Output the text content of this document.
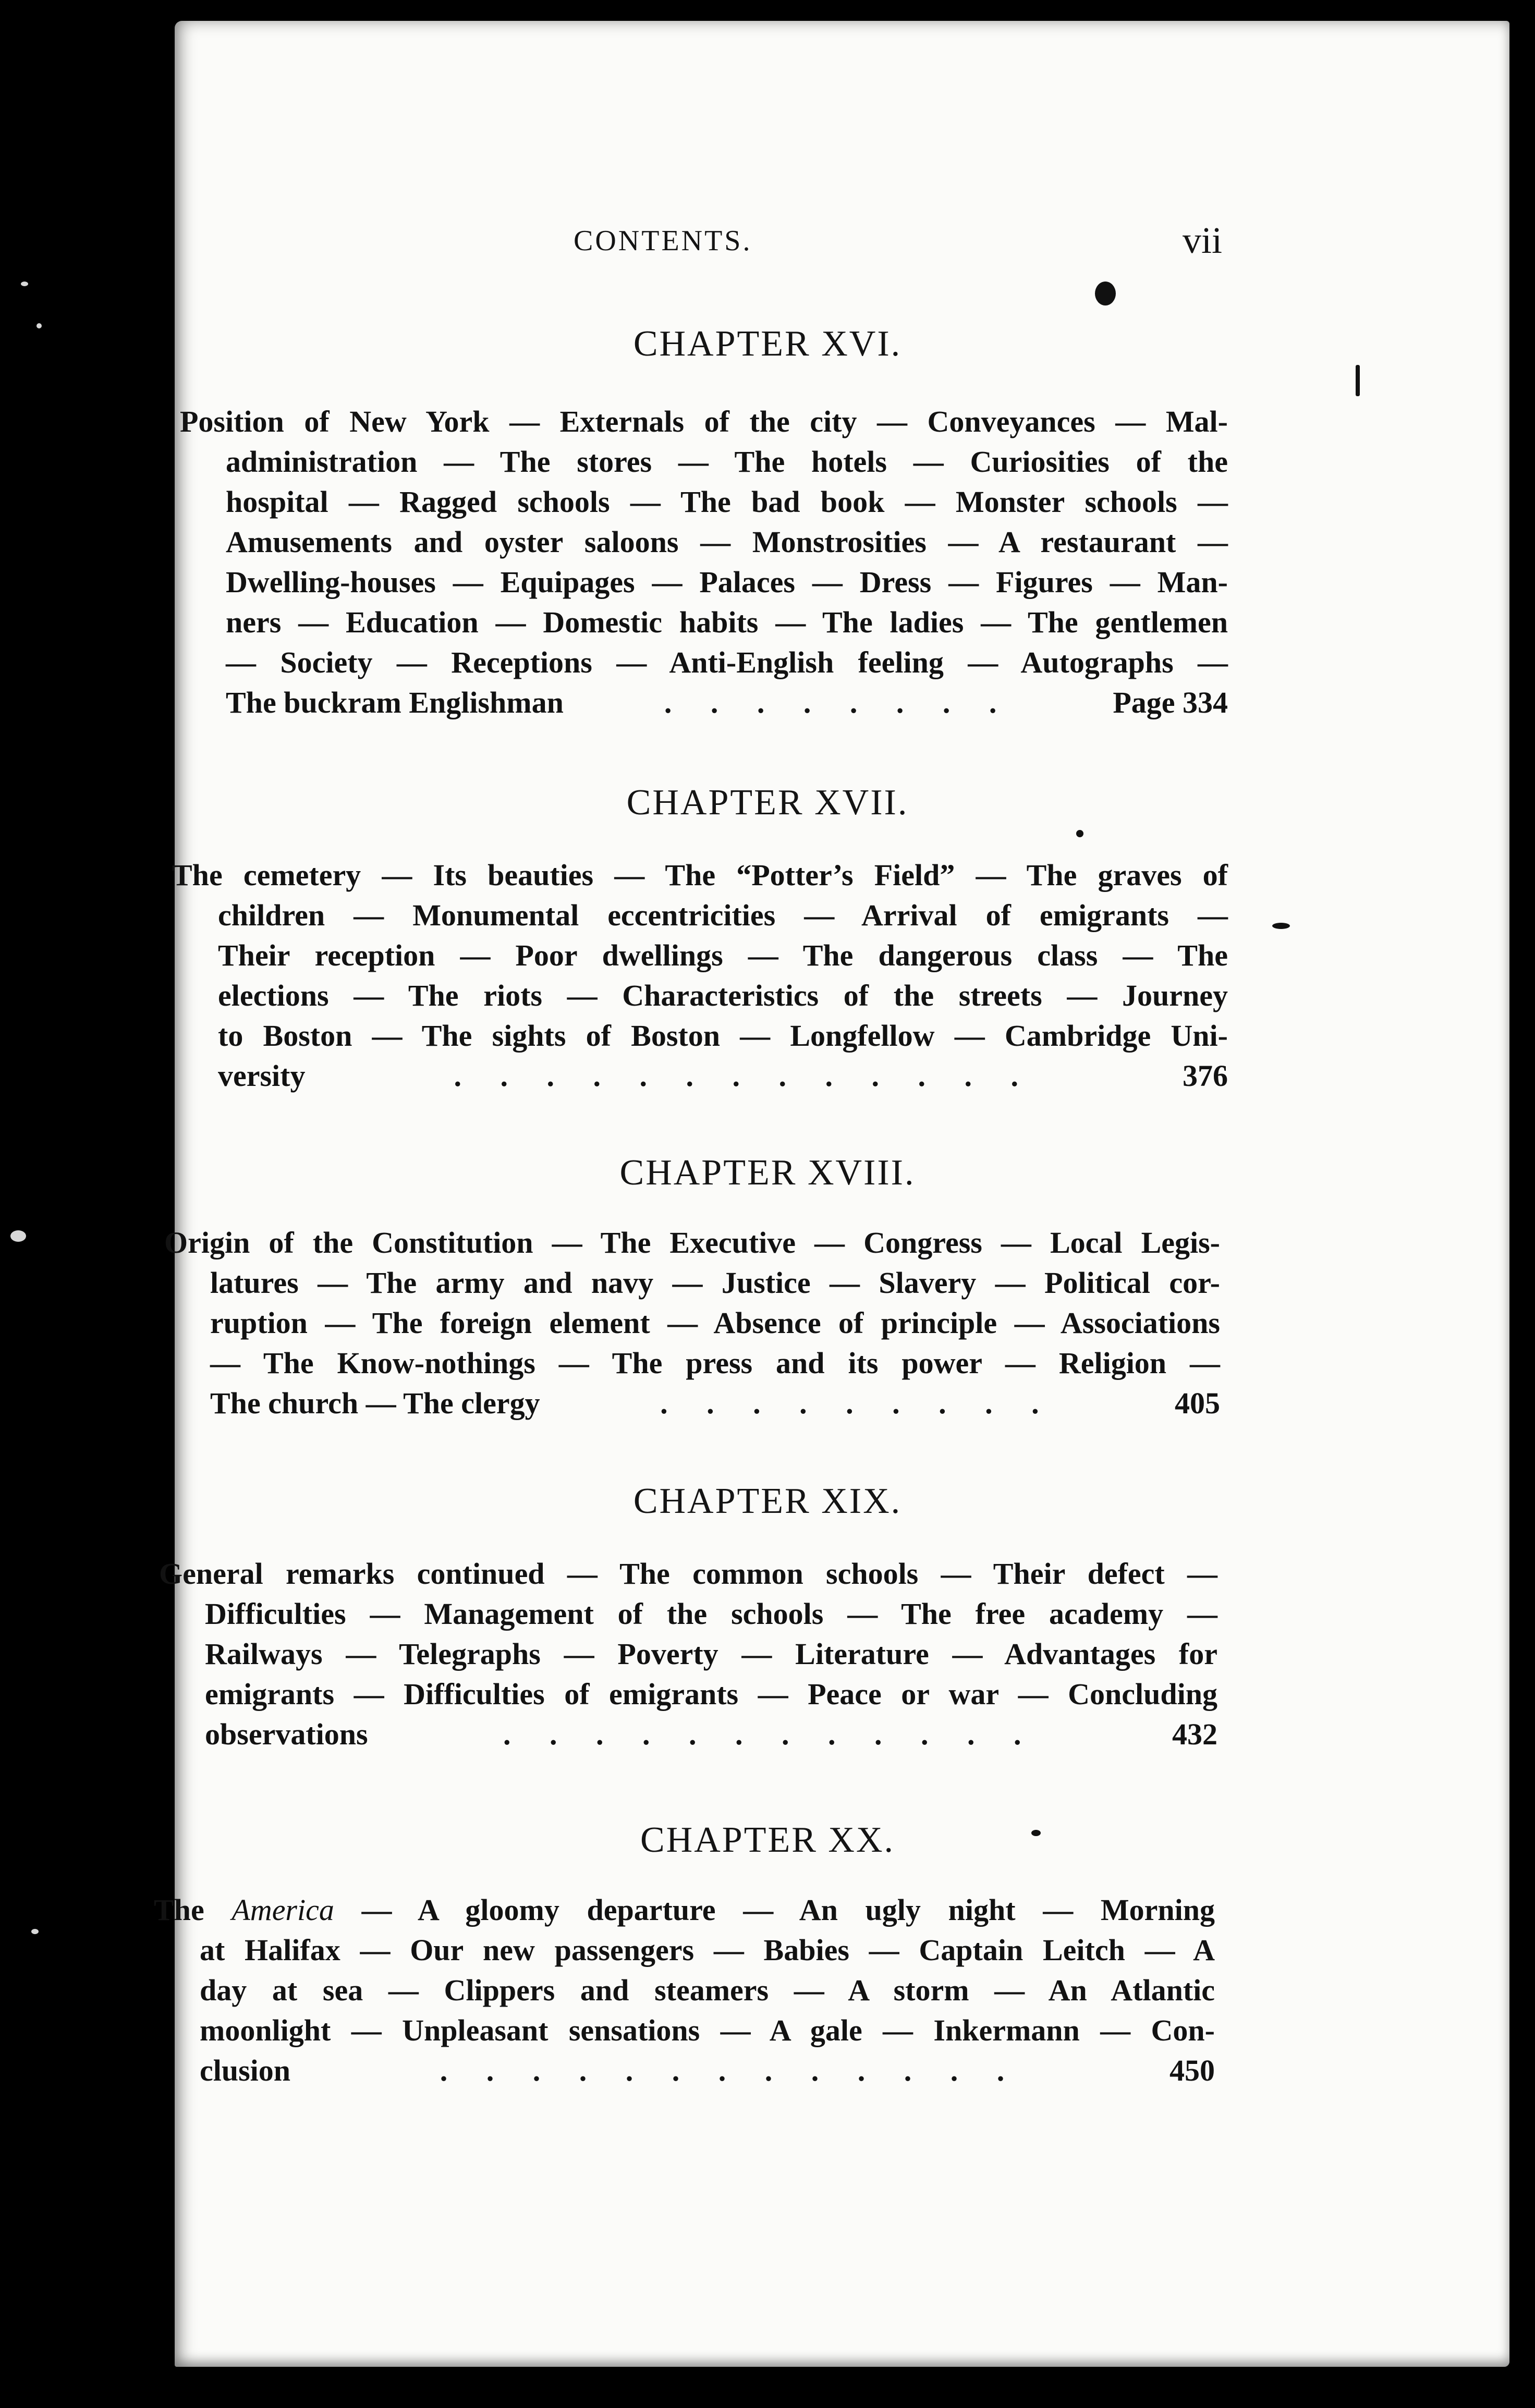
CONTENTS.	vii
CHAPTER XVI.
Position of New York — Externals of the city — Conveyances — Mal-
administration — The stores — The hotels — Curiosities of the
hospital — Ragged schools — The bad book — Monster schools —
Amusements and oyster saloons — Monstrosities — A restaurant —
Dwelling-houses — Equipages — Palaces — Dress — Figures — Man-
ners — Education — Domestic habits — The ladies — The gentlemen
— Society — Receptions — Anti-English feeling — Autographs —
The buckram Englishman	. . . . . . . .	Page 334
CHAPTER XVII.
The cemetery — Its beauties — The “Potter’s Field” — The graves of
children — Monumental eccentricities — Arrival of emigrants —
Their reception — Poor dwellings — The dangerous class — The
elections — The riots — Characteristics of the streets — Journey
to Boston — The sights of Boston — Longfellow — Cambridge Uni-
versity	. . . . . . . . . . . . .	376
CHAPTER XVIII.
Origin of the Constitution — The Executive — Congress — Local Legis-
latures — The army and navy — Justice — Slavery — Political cor-
ruption — The foreign element — Absence of principle — Associations
— The Know-nothings — The press and its power — Religion —
The church — The clergy	. . . . . . . . .	405
CHAPTER XIX.
General remarks continued — The common schools — Their defect —
Difficulties — Management of the schools — The free academy —
Railways — Telegraphs — Poverty — Literature — Advantages for
emigrants — Difficulties of emigrants — Peace or war — Concluding
observations	. . . . . . . . . . . .	432
CHAPTER XX.
The America — A gloomy departure — An ugly night — Morning
at Halifax — Our new passengers — Babies — Captain Leitch — A
day at sea — Clippers and steamers — A storm — An Atlantic
moonlight — Unpleasant sensations — A gale — Inkermann — Con-
clusion	. . . . . . . . . . . . .	450
